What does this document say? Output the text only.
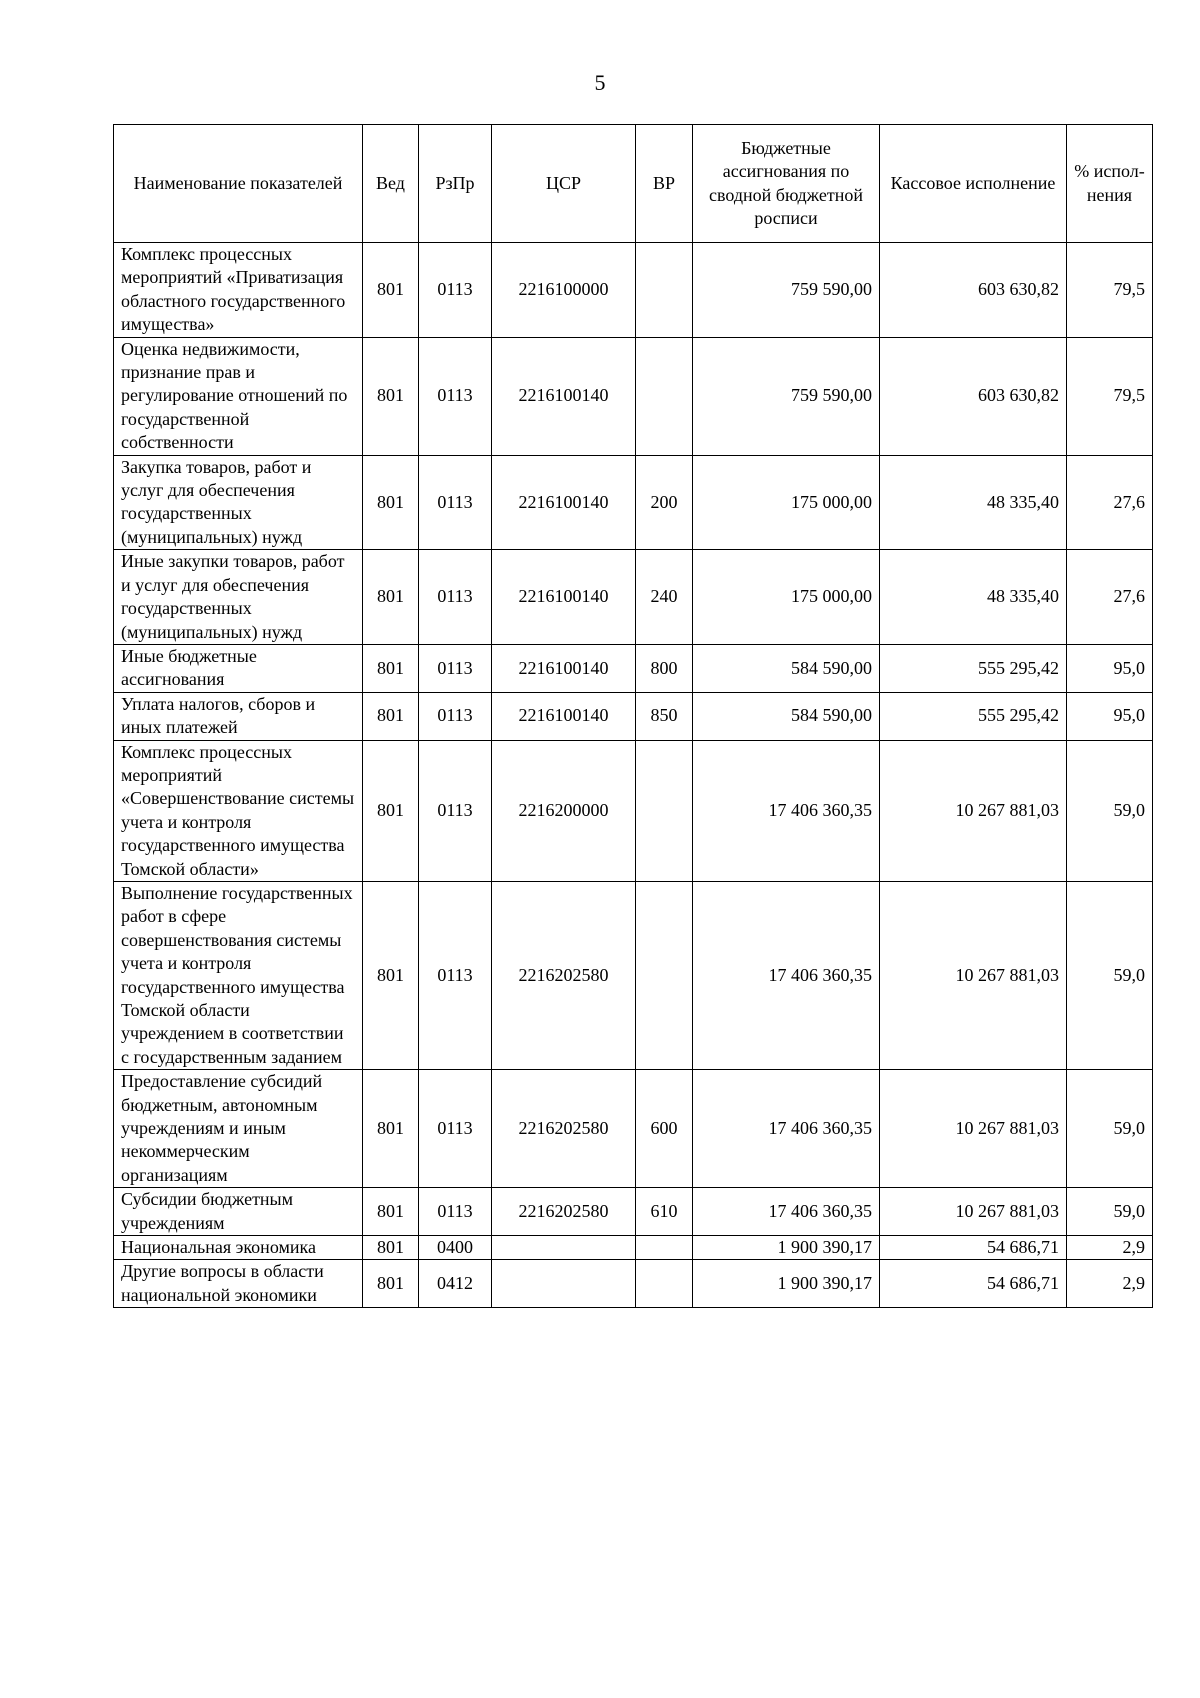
5
Наименование показателей	Вед	РзПр	ЦСР	ВР	Бюджетные ассигнования по сводной бюджетной росписи	Кассовое исполнение	% испол-нения
Комплекс процессных мероприятий «Приватизация областного государственного имущества»	801	0113	2216100000		759 590,00	603 630,82	79,5
Оценка недвижимости, признание прав и регулирование отношений по государственной собственности	801	0113	2216100140		759 590,00	603 630,82	79,5
Закупка товаров, работ и услуг для обеспечения государственных (муниципальных) нужд	801	0113	2216100140	200	175 000,00	48 335,40	27,6
Иные закупки товаров, работ и услуг для обеспечения государственных (муниципальных) нужд	801	0113	2216100140	240	175 000,00	48 335,40	27,6
Иные бюджетные ассигнования	801	0113	2216100140	800	584 590,00	555 295,42	95,0
Уплата налогов, сборов и иных платежей	801	0113	2216100140	850	584 590,00	555 295,42	95,0
Комплекс процессных мероприятий «Совершенствование системы учета и контроля государственного имущества Томской области»	801	0113	2216200000		17 406 360,35	10 267 881,03	59,0
Выполнение государственных работ в сфере совершенствования системы учета и контроля государственного имущества Томской области учреждением в соответствии с государственным заданием	801	0113	2216202580		17 406 360,35	10 267 881,03	59,0
Предоставление субсидий бюджетным, автономным учреждениям и иным некоммерческим организациям	801	0113	2216202580	600	17 406 360,35	10 267 881,03	59,0
Субсидии бюджетным учреждениям	801	0113	2216202580	610	17 406 360,35	10 267 881,03	59,0
Национальная экономика	801	0400			1 900 390,17	54 686,71	2,9
Другие вопросы в области национальной экономики	801	0412			1 900 390,17	54 686,71	2,9
